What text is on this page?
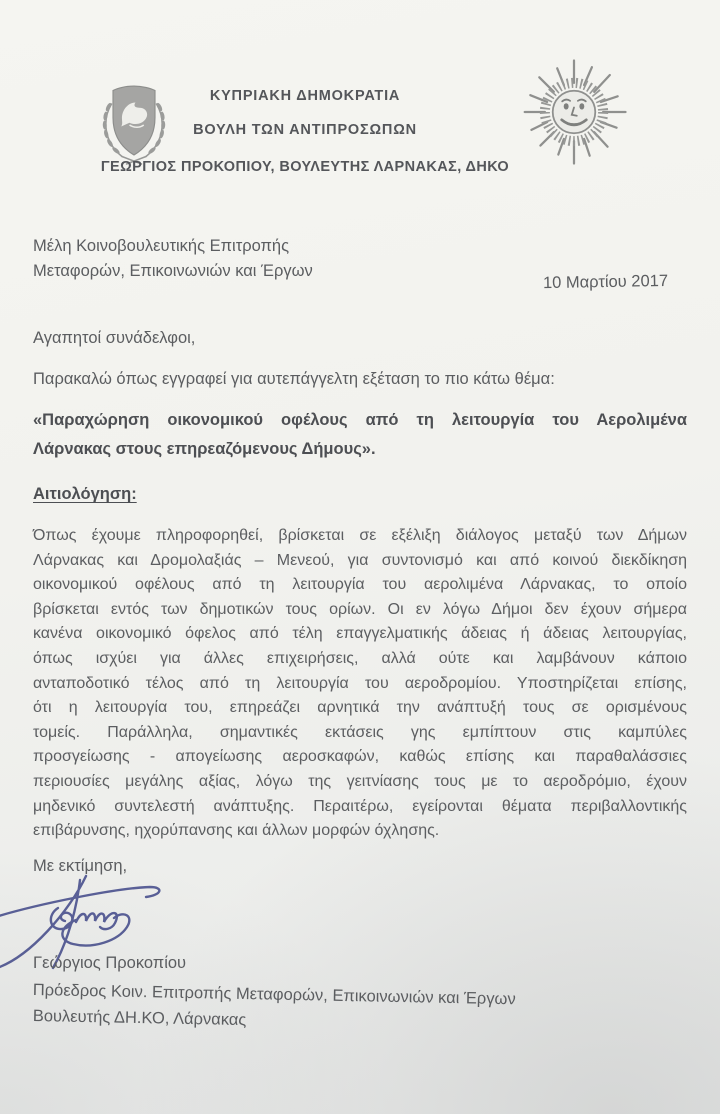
ΚΥΠΡΙΑΚΗ ΔΗΜΟΚΡΑΤΙΑ
ΒΟΥΛΗ ΤΩΝ ΑΝΤΙΠΡΟΣΩΠΩΝ
ΓΕΩΡΓΙΟΣ ΠΡΟΚΟΠΙΟΥ, ΒΟΥΛΕΥΤΗΣ ΛΑΡΝΑΚΑΣ, ΔΗΚΟ
Μέλη Κοινοβουλευτικής Επιτροπής
Μεταφορών, Επικοινωνιών και Έργων
10 Μαρτίου 2017
Αγαπητοί συνάδελφοι,
Παρακαλώ όπως εγγραφεί για αυτεπάγγελτη εξέταση το πιο κάτω θέμα:
«Παραχώρηση οικονομικού οφέλους από τη λειτουργία του Αερολιμένα
Λάρνακας στους επηρεαζόμενους Δήμους».
Αιτιολόγηση:
Όπως έχουμε πληροφορηθεί, βρίσκεται σε εξέλιξη διάλογος μεταξύ των Δήμων
Λάρνακας και Δρομολαξιάς – Μενεού, για συντονισμό και από κοινού διεκδίκηση
οικονομικού οφέλους από τη λειτουργία του αερολιμένα Λάρνακας, το οποίο
βρίσκεται εντός των δημοτικών τους ορίων. Οι εν λόγω Δήμοι δεν έχουν σήμερα
κανένα οικονομικό όφελος από τέλη επαγγελματικής άδειας ή άδειας λειτουργίας,
όπως ισχύει για άλλες επιχειρήσεις, αλλά ούτε και λαμβάνουν κάποιο
ανταποδοτικό τέλος από τη λειτουργία του αεροδρομίου. Υποστηρίζεται επίσης,
ότι η λειτουργία του, επηρεάζει αρνητικά την ανάπτυξή τους σε ορισμένους
τομείς. Παράλληλα, σημαντικές εκτάσεις γης εμπίπτουν στις καμπύλες
προσγείωσης - απογείωσης αεροσκαφών, καθώς επίσης και παραθαλάσσιες
περιουσίες μεγάλης αξίας, λόγω της γειτνίασης τους με το αεροδρόμιο, έχουν
μηδενικό συντελεστή ανάπτυξης. Περαιτέρω, εγείρονται θέματα περιβαλλοντικής
επιβάρυνσης, ηχορύπανσης και άλλων μορφών όχλησης.
Με εκτίμηση,
Γεώργιος Προκοπίου
Πρόεδρος Κοιν. Επιτροπής Μεταφορών, Επικοινωνιών και Έργων
Βουλευτής ΔΗ.ΚΟ, Λάρνακας
